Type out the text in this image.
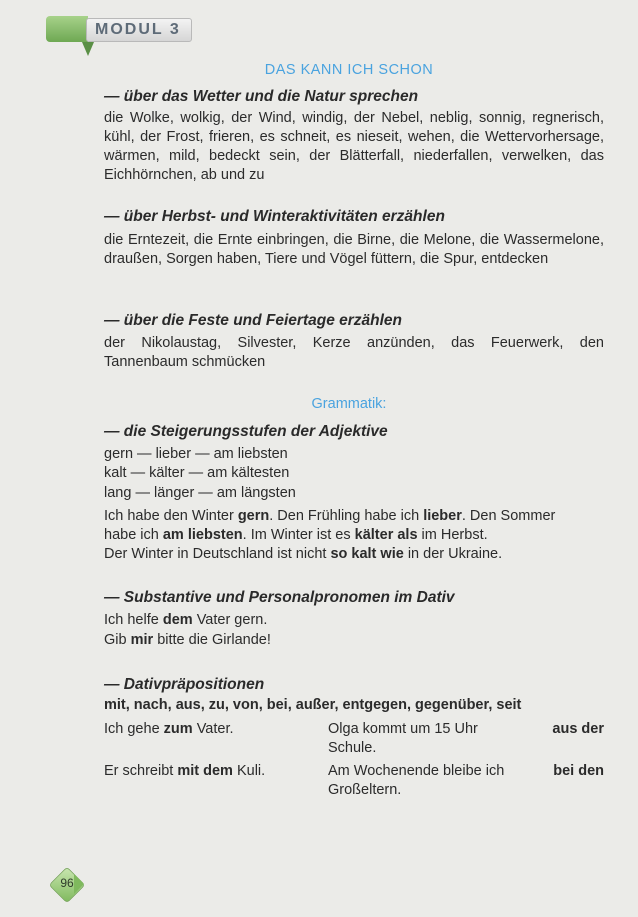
MODUL 3
DAS KANN ICH SCHON
— über das Wetter und die Natur sprechen
die Wolke, wolkig, der Wind, windig, der Nebel, neblig, sonnig, regnerisch, kühl, der Frost, frieren, es schneit, es nieseit, wehen, die Wettervorhersage, wärmen, mild, bedeckt sein, der Blätterfall, niederfallen, verwelken, das Eichhörnchen, ab und zu
— über Herbst- und Winteraktivitäten erzählen
die Erntezeit, die Ernte einbringen, die Birne, die Melone, die Wassermelone, draußen, Sorgen haben, Tiere und Vögel füttern, die Spur, entdecken
— über die Feste und Feiertage erzählen
der Nikolaustag, Silvester, Kerze anzünden, das Feuerwerk, den Tannenbaum schmücken
Grammatik:
— die Steigerungsstufen der Adjektive
gern — lieber — am liebsten
kalt — kälter — am kältesten
lang — länger — am längsten
Ich habe den Winter gern. Den Frühling habe ich lieber. Den Sommer
habe ich am liebsten. Im Winter ist es kälter als im Herbst.
Der Winter in Deutschland ist nicht so kalt wie in der Ukraine.
— Substantive und Personalpronomen im Dativ
Ich helfe dem Vater gern.
Gib mir bitte die Girlande!
— Dativpräpositionen
mit, nach, aus, zu, von, bei, außer, entgegen, gegenüber, seit
Ich gehe zum Vater.	Olga kommt um 15 Uhr	aus der
Schule.
Er schreibt mit dem Kuli.	Am Wochenende bleibe ich	bei den
Großeltern.
96
